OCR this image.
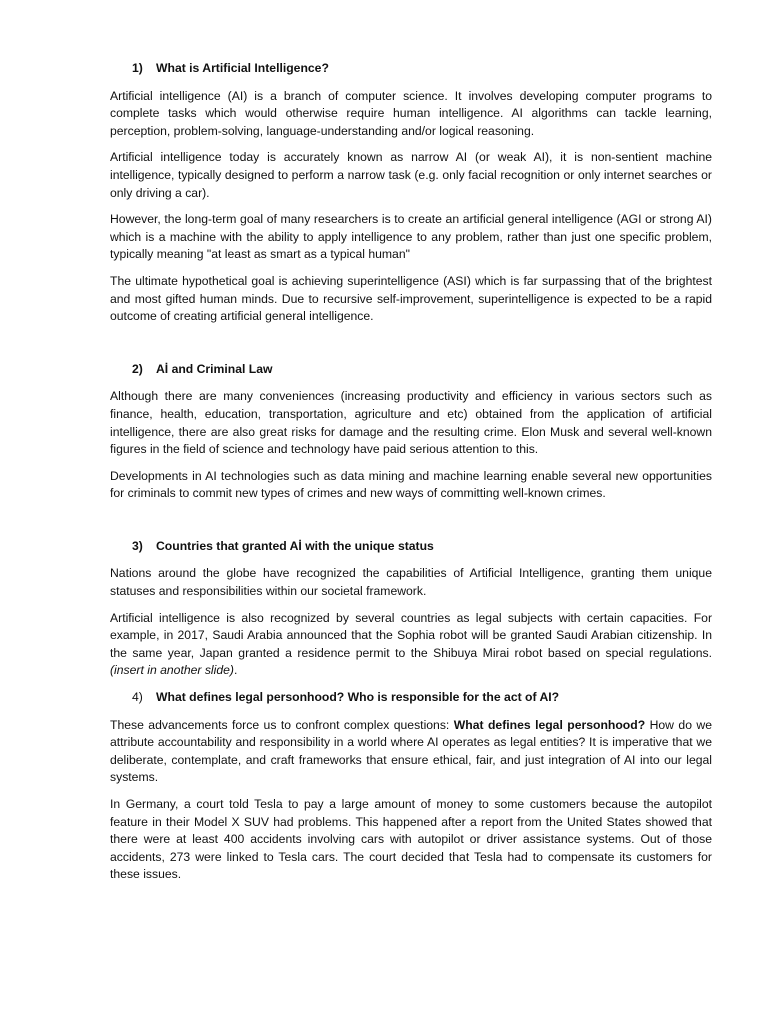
1)	What is Artificial Intelligence?

Artificial intelligence (AI) is a branch of computer science. It involves developing computer programs to complete tasks which would otherwise require human intelligence. AI algorithms can tackle learning, perception, problem-solving, language-understanding and/or logical reasoning.

Artificial intelligence today is accurately known as narrow AI (or weak AI), it is non-sentient machine intelligence, typically designed to perform a narrow task (e.g. only facial recognition or only internet searches or only driving a car).

However, the long-term goal of many researchers is to create an artificial general intelligence (AGI or strong AI) which is a machine with the ability to apply intelligence to any problem, rather than just one specific problem, typically meaning "at least as smart as a typical human"

The ultimate hypothetical goal is achieving superintelligence (ASI) which is far surpassing that of the brightest and most gifted human minds. Due to recursive self-improvement, superintelligence is expected to be a rapid outcome of creating artificial general intelligence.

2)	Aİ and Criminal Law

Although there are many conveniences (increasing productivity and efficiency in various sectors such as finance, health, education, transportation, agriculture and etc) obtained from the application of artificial intelligence, there are also great risks for damage and the resulting crime. Elon Musk and several well-known figures in the field of science and technology have paid serious attention to this.

Developments in AI technologies such as data mining and machine learning enable several new opportunities for criminals to commit new types of crimes and new ways of committing well-known crimes.

3)	Countries that granted Aİ with the unique status

Nations around the globe have recognized the capabilities of Artificial Intelligence, granting them unique statuses and responsibilities within our societal framework.

Artificial intelligence is also recognized by several countries as legal subjects with certain capacities. For example, in 2017, Saudi Arabia announced that the Sophia robot will be granted Saudi Arabian citizenship. In the same year, Japan granted a residence permit to the Shibuya Mirai robot based on special regulations. (insert in another slide).

4)	What defines legal personhood? Who is responsible for the act of AI?

These advancements force us to confront complex questions: What defines legal personhood? How do we attribute accountability and responsibility in a world where AI operates as legal entities? It is imperative that we deliberate, contemplate, and craft frameworks that ensure ethical, fair, and just integration of AI into our legal systems.

In Germany, a court told Tesla to pay a large amount of money to some customers because the autopilot feature in their Model X SUV had problems. This happened after a report from the United States showed that there were at least 400 accidents involving cars with autopilot or driver assistance systems. Out of those accidents, 273 were linked to Tesla cars. The court decided that Tesla had to compensate its customers for these issues.
